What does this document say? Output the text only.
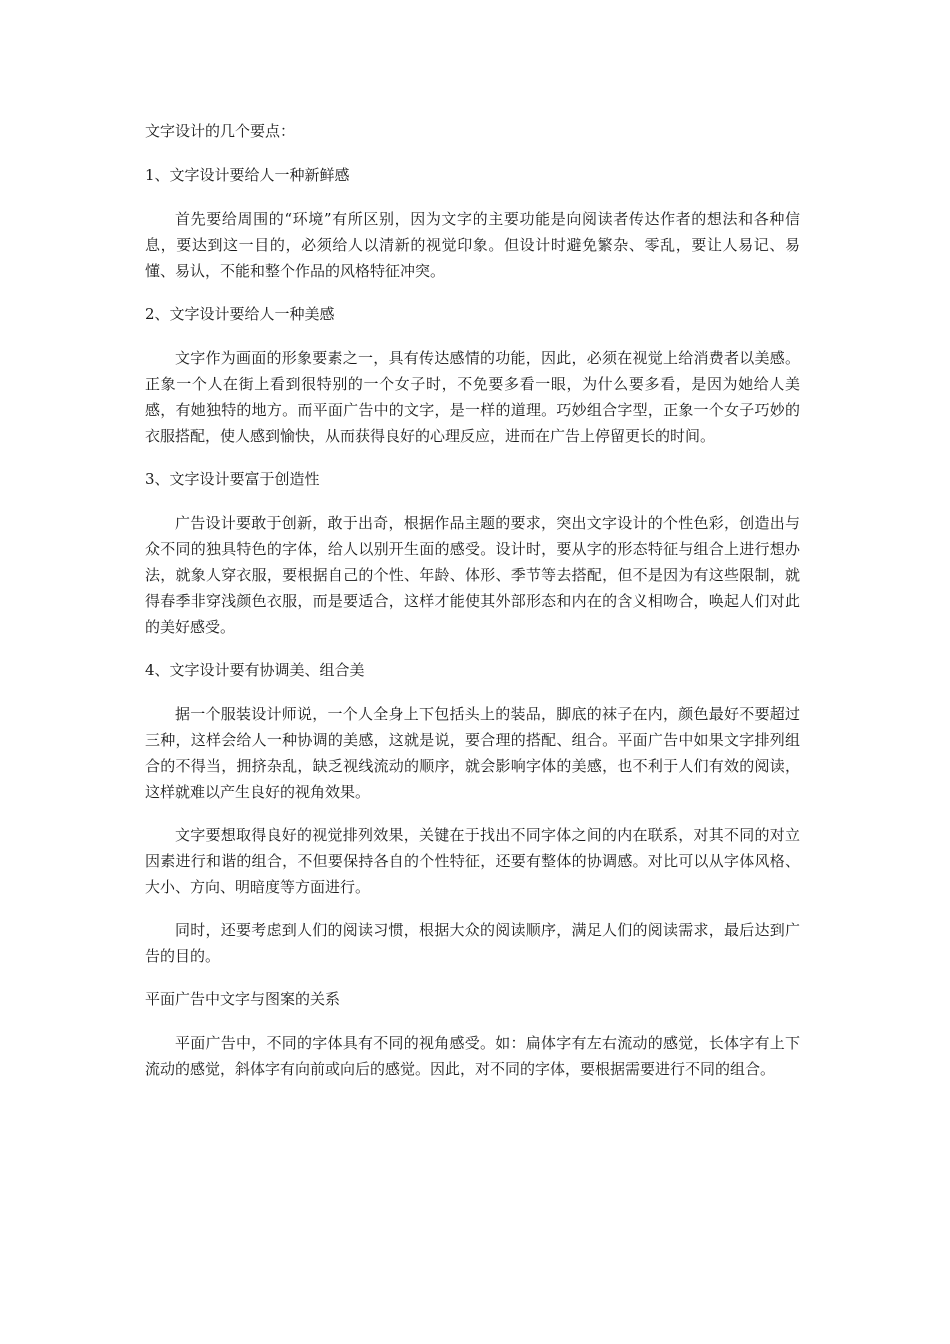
文字设计的几个要点：

1、文字设计要给人一种新鲜感

首先要给周围的“环境”有所区别，因为文字的主要功能是向阅读者传达作者的想法和各种信息，要达到这一目的，必须给人以清新的视觉印象。但设计时避免繁杂、零乱，要让人易记、易懂、易认，不能和整个作品的风格特征冲突。

2、文字设计要给人一种美感

文字作为画面的形象要素之一，具有传达感情的功能，因此，必须在视觉上给消费者以美感。正象一个人在街上看到很特别的一个女子时，不免要多看一眼，为什么要多看，是因为她给人美感，有她独特的地方。而平面广告中的文字，是一样的道理。巧妙组合字型，正象一个女子巧妙的衣服搭配，使人感到愉快，从而获得良好的心理反应，进而在广告上停留更长的时间。

3、文字设计要富于创造性

广告设计要敢于创新，敢于出奇，根据作品主题的要求，突出文字设计的个性色彩，创造出与众不同的独具特色的字体，给人以别开生面的感受。设计时，要从字的形态特征与组合上进行想办法，就象人穿衣服，要根据自己的个性、年龄、体形、季节等去搭配，但不是因为有这些限制，就得春季非穿浅颜色衣服，而是要适合，这样才能使其外部形态和内在的含义相吻合，唤起人们对此的美好感受。

4、文字设计要有协调美、组合美

据一个服装设计师说，一个人全身上下包括头上的装品，脚底的袜子在内，颜色最好不要超过三种，这样会给人一种协调的美感，这就是说，要合理的搭配、组合。平面广告中如果文字排列组合的不得当，拥挤杂乱，缺乏视线流动的顺序，就会影响字体的美感，也不利于人们有效的阅读，这样就难以产生良好的视角效果。

文字要想取得良好的视觉排列效果，关键在于找出不同字体之间的内在联系，对其不同的对立因素进行和谐的组合，不但要保持各自的个性特征，还要有整体的协调感。对比可以从字体风格、大小、方向、明暗度等方面进行。

同时，还要考虑到人们的阅读习惯，根据大众的阅读顺序，满足人们的阅读需求，最后达到广告的目的。

平面广告中文字与图案的关系

平面广告中，不同的字体具有不同的视角感受。如：扁体字有左右流动的感觉，长体字有上下流动的感觉，斜体字有向前或向后的感觉。因此，对不同的字体，要根据需要进行不同的组合。
